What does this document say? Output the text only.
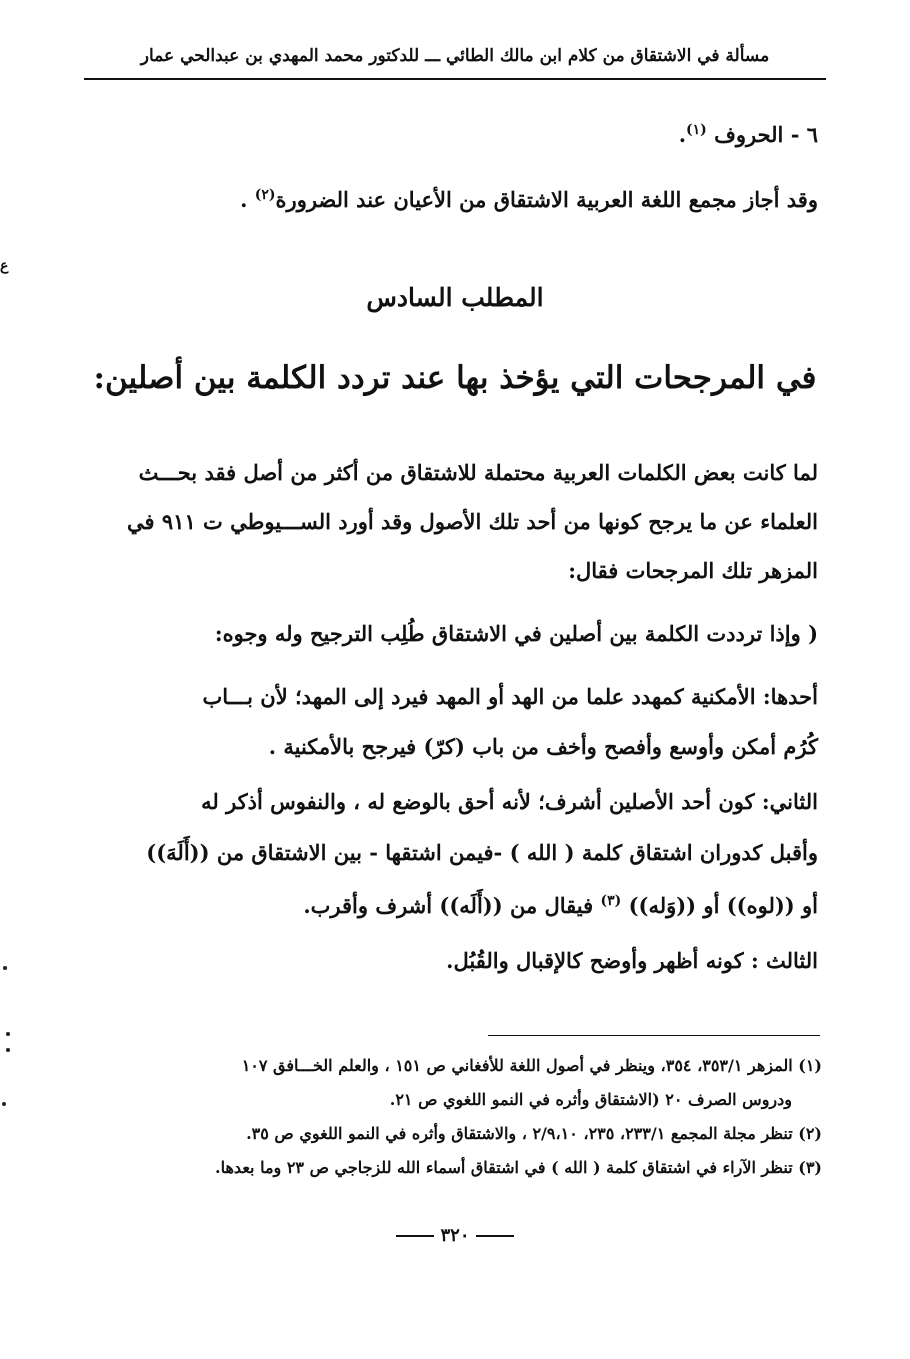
مسألة في الاشتقاق من كلام ابن مالك الطائي ـــ للدكتور محمد المهدي بن عبدالحي عمار
٦ - الحروف $^{(١)}$.
وقد أجاز مجمع اللغة العربية الاشتقاق من الأعيان عند الضرورة$^{(٢)}$ .
المطلب السادس
في المرجحات التي يؤخذ بها عند تردد الكلمة بين أصلين:
لما كانت بعض الكلمات العربية محتملة للاشتقاق من أكثر من أصل فقد بحـــث
العلماء عن ما يرجح كونها من أحد تلك الأصول وقد أورد الســـيوطي ت ٩١١ في
المزهر تلك المرجحات فقال:
( وإذا ترددت الكلمة بين أصلين في الاشتقاق طُلِب الترجيح وله وجوه:
أحدها: الأمكنية كمهدد علما من الهد أو المهد فيرد إلى المهد؛ لأن بـــاب
كُرُم أمكن وأوسع وأفصح وأخف من باب (كرّ) فيرجح بالأمكنية .
الثاني: كون أحد الأصلين أشرف؛ لأنه أحق بالوضع له ، والنفوس أذكر له
وأقبل كدوران اشتقاق كلمة ( الله ) -فيمن اشتقها - بين الاشتقاق من ((أَلَهَ))
أو ((لوه)) أو ((وَله)) $^{(٣)}$ فيقال من ((أَلَه)) أشرف وأقرب.
الثالث : كونه أظهر وأوضح كالإقبال والقُبُل.
(١) المزهر ٣٥٣/١، ٣٥٤، وينظر في أصول اللغة للأفغاني ص ١٥١ ، والعلم الخـــافق ١٠٧
ودروس الصرف ٢٠ (الاشتقاق وأثره في النمو اللغوي ص ٢١.
(٢) تنظر مجلة المجمع ٢٣٣/١، ٢٣٥، ٢/٩،١٠ ، والاشتقاق وأثره في النمو اللغوي ص ٣٥.
(٣) تنظر الآراء في اشتقاق كلمة ( الله ) في اشتقاق أسماء الله للزجاجي ص ٢٣ وما بعدها.
٣٢٠
ع
